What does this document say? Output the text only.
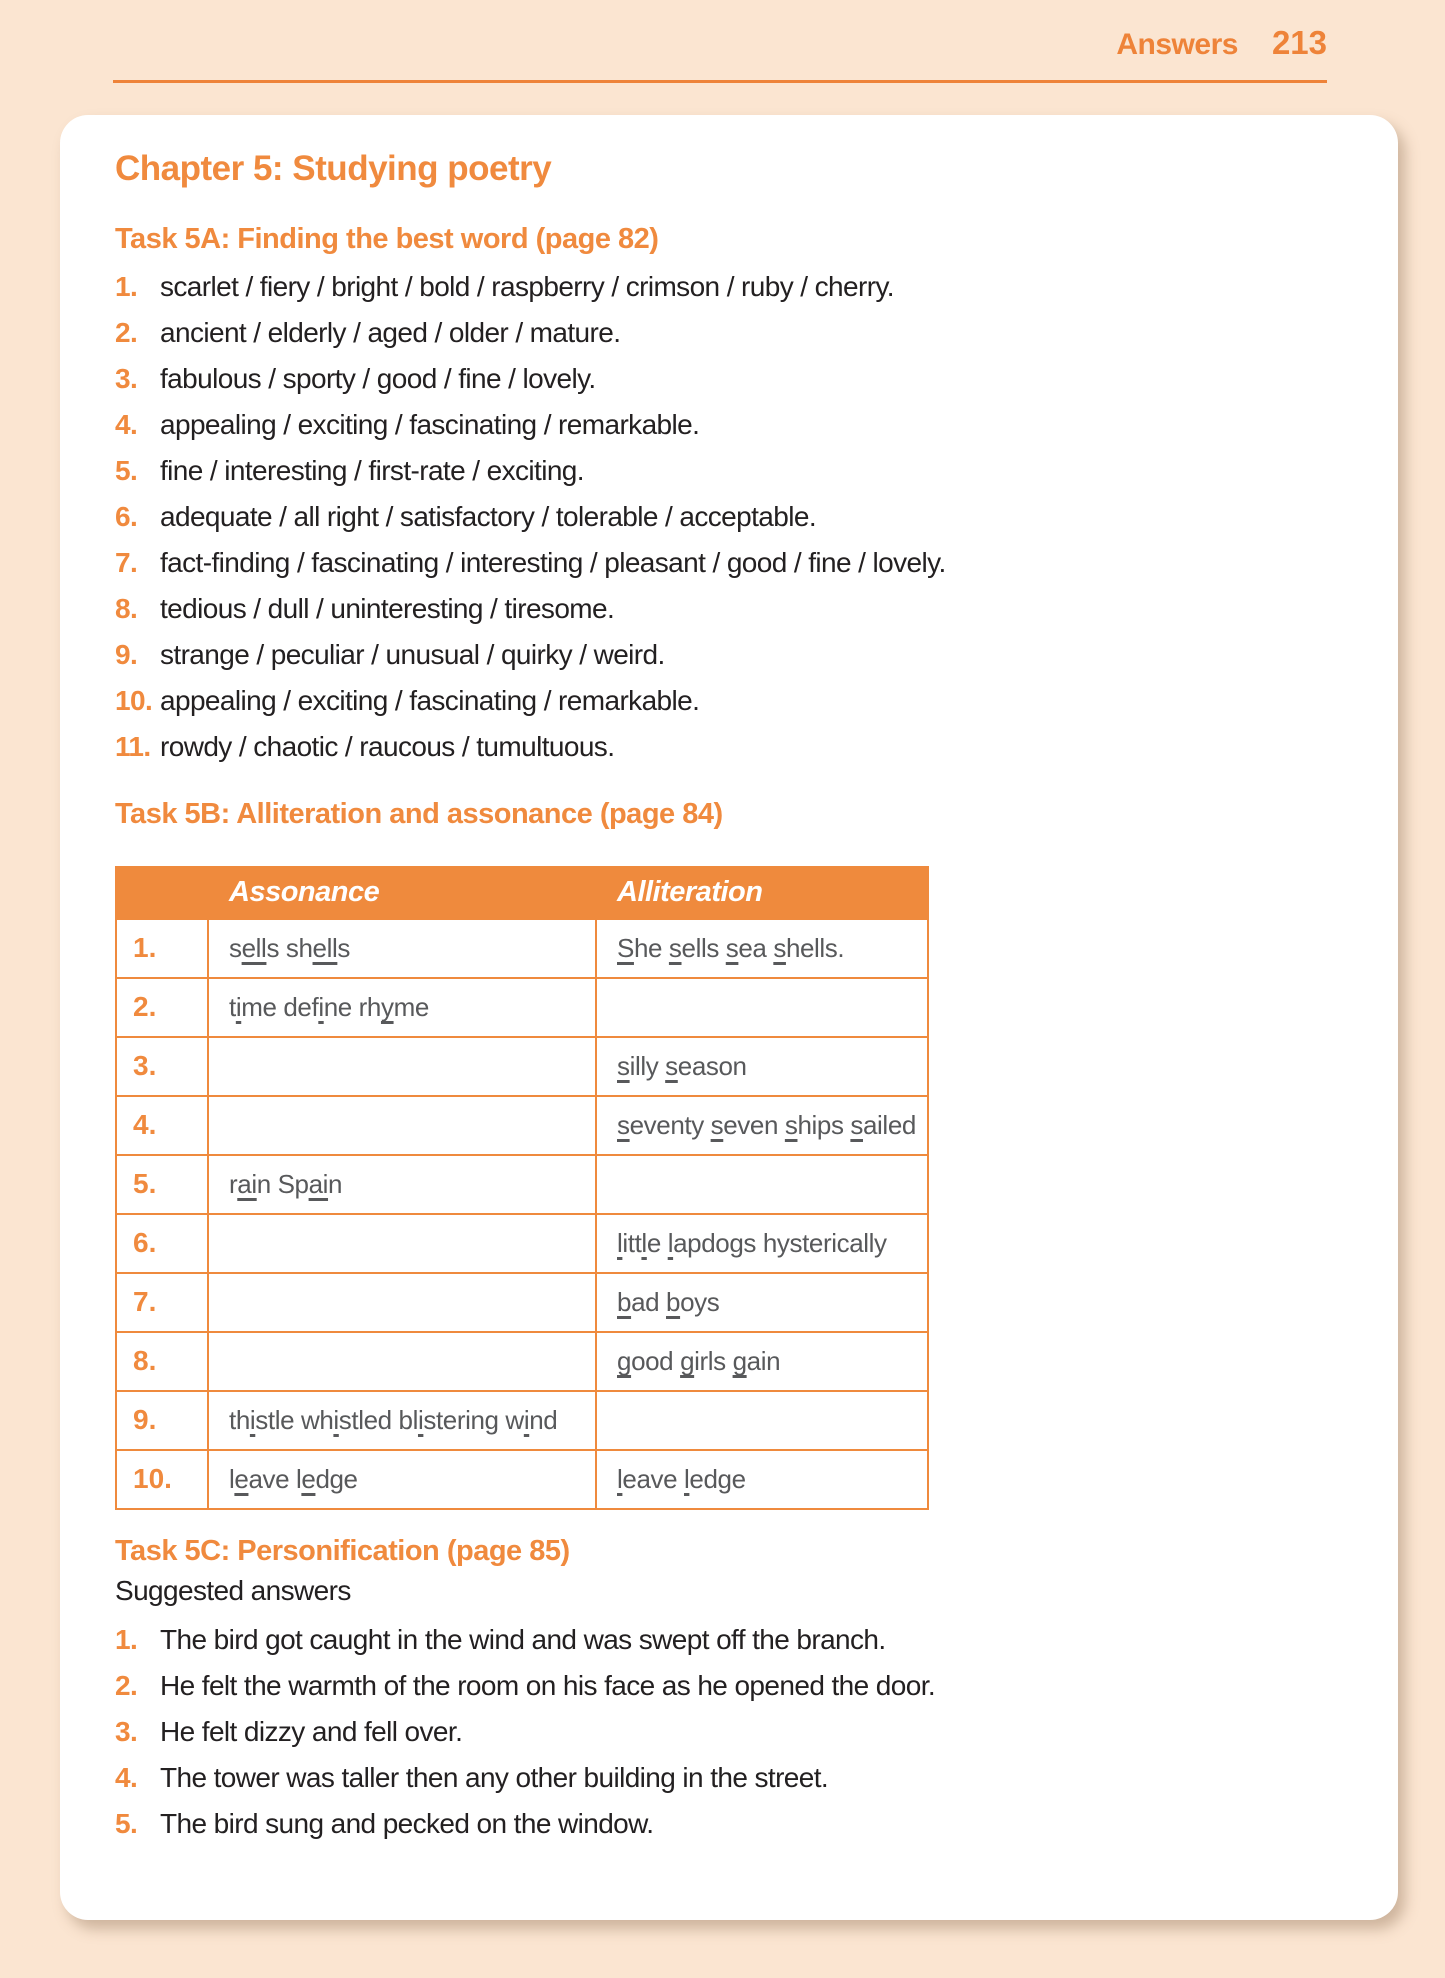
Answers 213
Chapter 5: Studying poetry
Task 5A: Finding the best word (page 82)
1. scarlet / fiery / bright / bold / raspberry / crimson / ruby / cherry.
2. ancient / elderly / aged / older / mature.
3. fabulous / sporty / good / fine / lovely.
4. appealing / exciting / fascinating / remarkable.
5. fine / interesting / first-rate / exciting.
6. adequate / all right / satisfactory / tolerable / acceptable.
7. fact-finding / fascinating / interesting / pleasant / good / fine / lovely.
8. tedious / dull / uninteresting / tiresome.
9. strange / peculiar / unusual / quirky / weird.
10. appealing / exciting / fascinating / remarkable.
11. rowdy / chaotic / raucous / tumultuous.
Task 5B: Alliteration and assonance (page 84)
	Assonance	Alliteration
1.	sells shells	She sells sea shells.
2.	time define rhyme	
3.		silly season
4.		seventy seven ships sailed
5.	rain Spain	
6.		little lapdogs hysterically
7.		bad boys
8.		good girls gain
9.	thistle whistled blistering wind	
10.	leave ledge	leave ledge
Task 5C: Personification (page 85)

Suggested answers

1. The bird got caught in the wind and was swept off the branch.
2. He felt the warmth of the room on his face as he opened the door.
3. He felt dizzy and fell over.
4. The tower was taller then any other building in the street.
5. The bird sung and pecked on the window.
